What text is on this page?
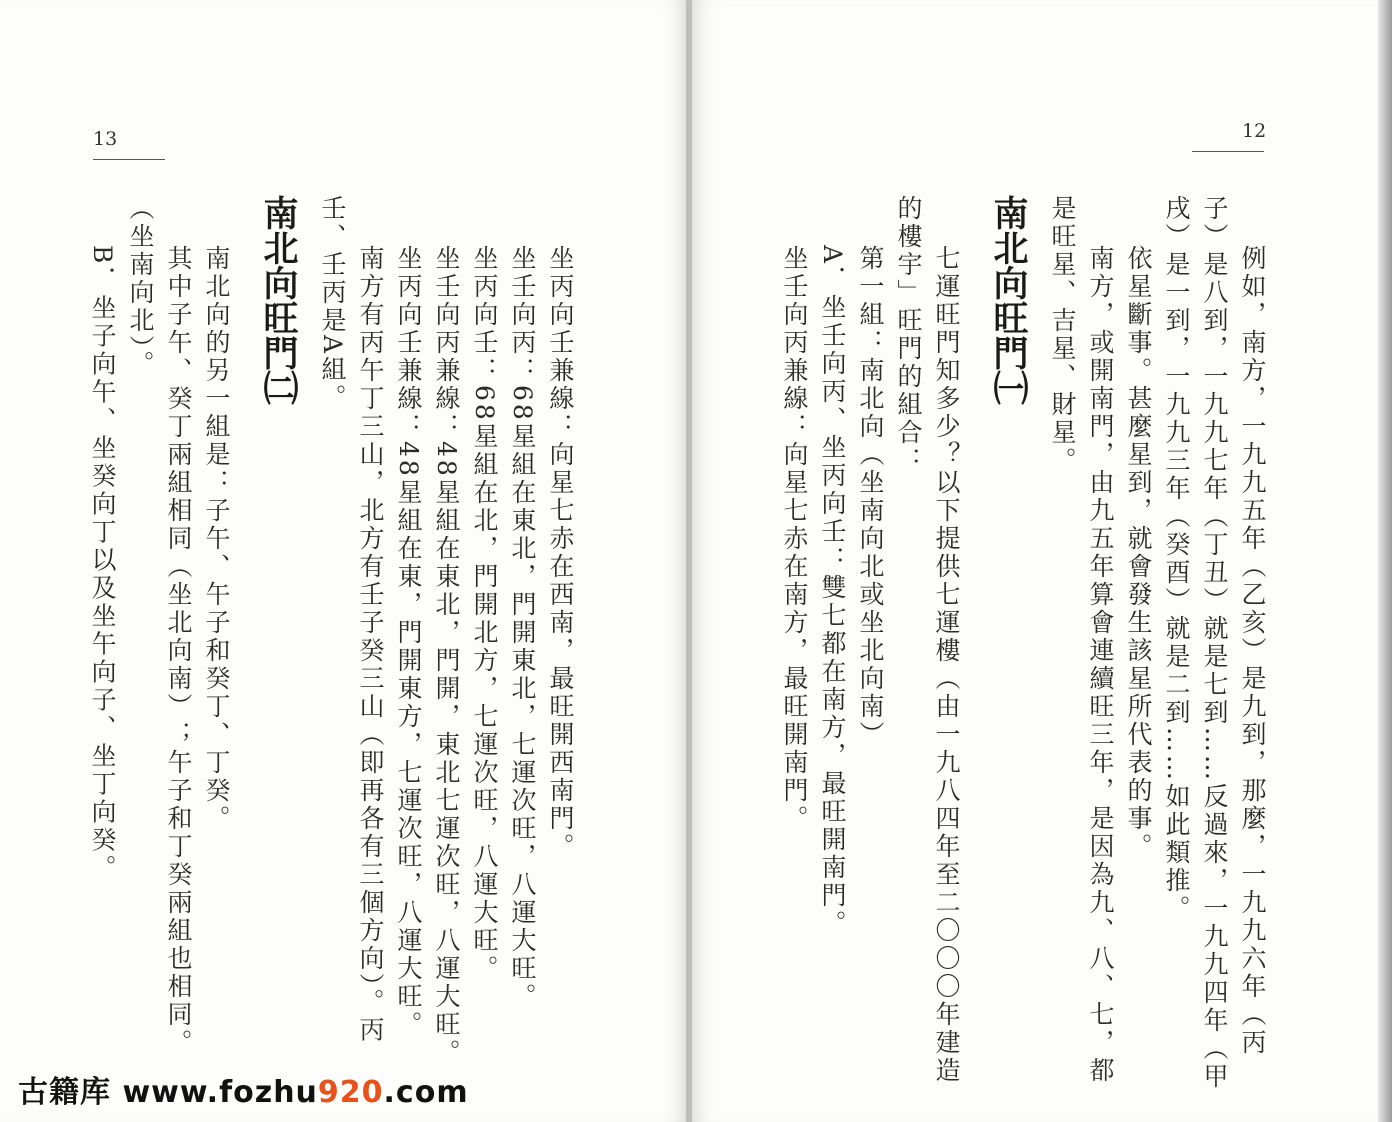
13
坐丙向壬兼線：向星七赤在西南，最旺開西南門。
坐壬向丙：68星組在東北，門開東北，七運次旺，八運大旺。
坐丙向壬：68星組在北，門開北方，七運次旺，八運大旺。
坐壬向丙兼線：48星組在東北，門開，東北七運次旺，八運大旺。
坐丙向壬兼線：48星組在東，門開東方，七運次旺，八運大旺。
南方有丙午丁三山，北方有壬子癸三山（即再各有三個方向）。丙
壬、壬丙是A組。
南北向旺門㈡
南北向的另一組是：子午、午子和癸丁、丁癸。
其中子午、癸丁兩組相同（坐北向南）；午子和丁癸兩組也相同。
（坐南向北）。
B．坐子向午、坐癸向丁以及坐午向子、坐丁向癸。
古籍库 www.fozhu920.com
12
例如，南方，一九九五年（乙亥）是九到，那麼，一九九六年（丙
子）是八到，一九九七年（丁丑）就是七到……反過來，一九九四年（甲
戌）是一到，一九九三年（癸酉）就是二到……如此類推。
依星斷事。甚麼星到，就會發生該星所代表的事。
南方，或開南門，由九五年算會連續旺三年，是因為九、八、七，都
是旺星、吉星、財星。
南北向旺門㈠
七運旺門知多少？以下提供七運樓（由一九八四年至二〇〇〇年建造
的樓宇」旺門的組合：
第一組：南北向（坐南向北或坐北向南）
A．坐壬向丙、坐丙向壬：雙七都在南方，最旺開南門。
坐壬向丙兼線：向星七赤在南方，最旺開南門。
